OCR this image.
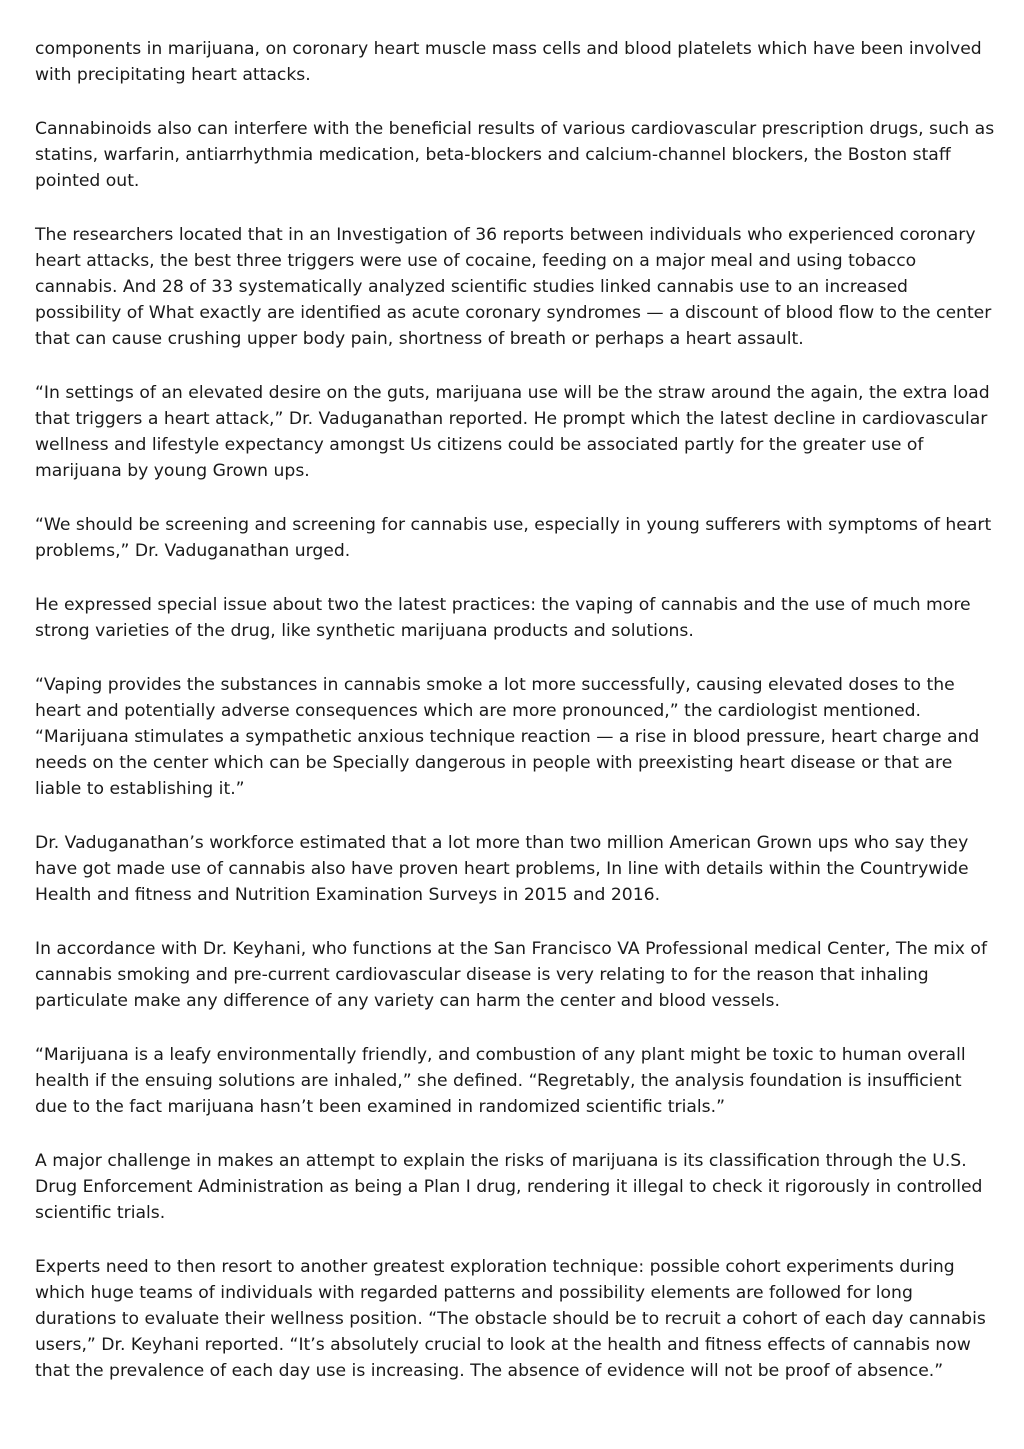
components in marijuana, on coronary heart muscle mass cells and blood platelets which have been involved with precipitating heart attacks.

Cannabinoids also can interfere with the beneficial results of various cardiovascular prescription drugs, such as statins, warfarin, antiarrhythmia medication, beta-blockers and calcium-channel blockers, the Boston staff pointed out.

The researchers located that in an Investigation of 36 reports between individuals who experienced coronary heart attacks, the best three triggers were use of cocaine, feeding on a major meal and using tobacco cannabis. And 28 of 33 systematically analyzed scientific studies linked cannabis use to an increased possibility of What exactly are identified as acute coronary syndromes — a discount of blood flow to the center that can cause crushing upper body pain, shortness of breath or perhaps a heart assault.

“In settings of an elevated desire on the guts, marijuana use will be the straw around the again, the extra load that triggers a heart attack,” Dr. Vaduganathan reported. He prompt which the latest decline in cardiovascular wellness and lifestyle expectancy amongst Us citizens could be associated partly for the greater use of marijuana by young Grown ups.

“We should be screening and screening for cannabis use, especially in young sufferers with symptoms of heart problems,” Dr. Vaduganathan urged.

He expressed special issue about two the latest practices: the vaping of cannabis and the use of much more strong varieties of the drug, like synthetic marijuana products and solutions.

“Vaping provides the substances in cannabis smoke a lot more successfully, causing elevated doses to the heart and potentially adverse consequences which are more pronounced,” the cardiologist mentioned. “Marijuana stimulates a sympathetic anxious technique reaction — a rise in blood pressure, heart charge and needs on the center which can be Specially dangerous in people with preexisting heart disease or that are liable to establishing it.”

Dr. Vaduganathan’s workforce estimated that a lot more than two million American Grown ups who say they have got made use of cannabis also have proven heart problems, In line with details within the Countrywide Health and fitness and Nutrition Examination Surveys in 2015 and 2016.

In accordance with Dr. Keyhani, who functions at the San Francisco VA Professional medical Center, The mix of cannabis smoking and pre-current cardiovascular disease is very relating to for the reason that inhaling particulate make any difference of any variety can harm the center and blood vessels.

“Marijuana is a leafy environmentally friendly, and combustion of any plant might be toxic to human overall health if the ensuing solutions are inhaled,” she defined. “Regretably, the analysis foundation is insufficient due to the fact marijuana hasn’t been examined in randomized scientific trials.”

A major challenge in makes an attempt to explain the risks of marijuana is its classification through the U.S. Drug Enforcement Administration as being a Plan I drug, rendering it illegal to check it rigorously in controlled scientific trials.

Experts need to then resort to another greatest exploration technique: possible cohort experiments during which huge teams of individuals with regarded patterns and possibility elements are followed for long durations to evaluate their wellness position. “The obstacle should be to recruit a cohort of each day cannabis users,” Dr. Keyhani reported. “It’s absolutely crucial to look at the health and fitness effects of cannabis now that the prevalence of each day use is increasing. The absence of evidence will not be proof of absence.”
